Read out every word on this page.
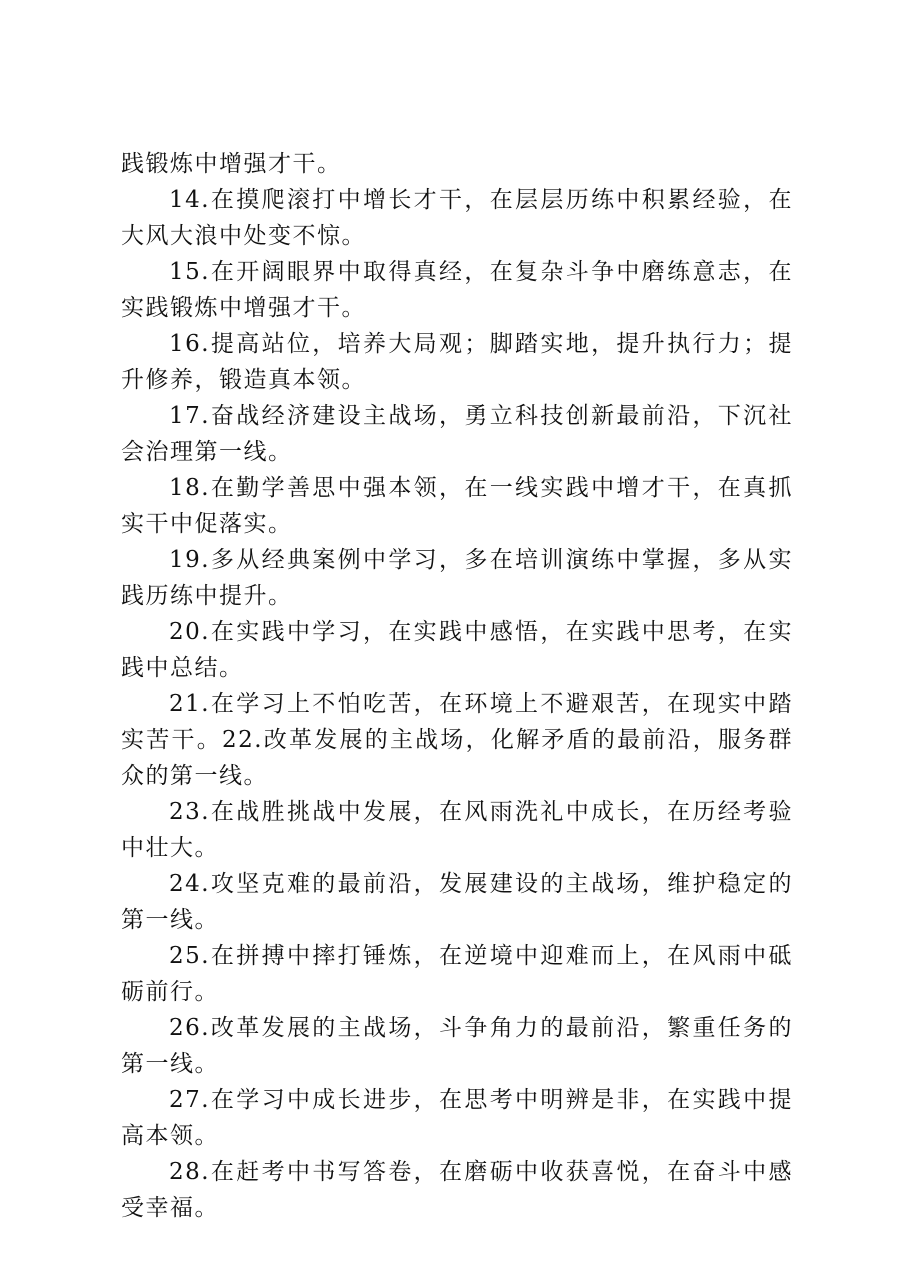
践锻炼中增强才干。

14.在摸爬滚打中增长才干，在层层历练中积累经验，在大风大浪中处变不惊。

15.在开阔眼界中取得真经，在复杂斗争中磨练意志，在实践锻炼中增强才干。

16.提高站位，培养大局观；脚踏实地，提升执行力；提升修养，锻造真本领。

17.奋战经济建设主战场，勇立科技创新最前沿，下沉社会治理第一线。

18.在勤学善思中强本领，在一线实践中增才干，在真抓实干中促落实。

19.多从经典案例中学习，多在培训演练中掌握，多从实践历练中提升。

20.在实践中学习，在实践中感悟，在实践中思考，在实践中总结。

21.在学习上不怕吃苦，在环境上不避艰苦，在现实中踏实苦干。22.改革发展的主战场，化解矛盾的最前沿，服务群众的第一线。

23.在战胜挑战中发展，在风雨洗礼中成长，在历经考验中壮大。

24.攻坚克难的最前沿，发展建设的主战场，维护稳定的第一线。

25.在拼搏中摔打锤炼，在逆境中迎难而上，在风雨中砥砺前行。

26.改革发展的主战场，斗争角力的最前沿，繁重任务的第一线。

27.在学习中成长进步，在思考中明辨是非，在实践中提高本领。

28.在赶考中书写答卷，在磨砺中收获喜悦，在奋斗中感受幸福。
